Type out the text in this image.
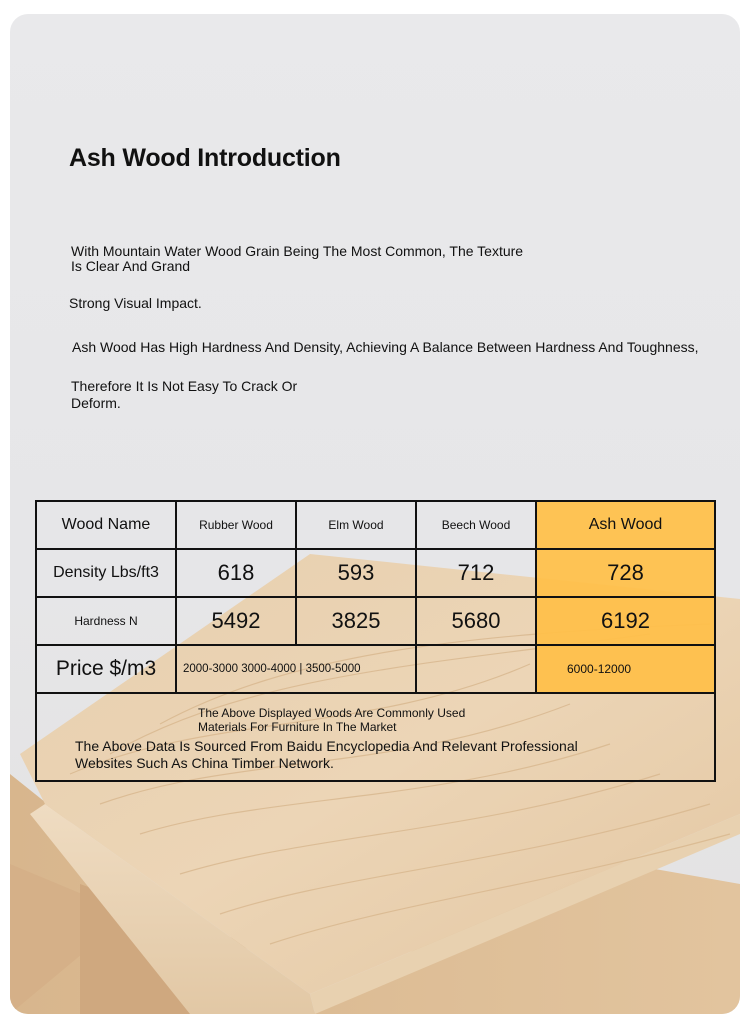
Ash Wood Introduction

With Mountain Water Wood Grain Being The Most Common, The Texture Is Clear And Grand

Strong Visual Impact.

Ash Wood Has High Hardness And Density, Achieving A Balance Between Hardness And Toughness,

Therefore It Is Not Easy To Crack Or Deform.

Wood Name	Rubber Wood	Elm Wood	Beech Wood	Ash Wood
Density Lbs/ft3	618	593	712	728
Hardness N	5492	3825	5680	6192
Price $/m3	2000-3000 3000-4000 | 3500-5000			6000-12000

The Above Displayed Woods Are Commonly Used Materials For Furniture In The Market
The Above Data Is Sourced From Baidu Encyclopedia And Relevant Professional Websites Such As China Timber Network.				
